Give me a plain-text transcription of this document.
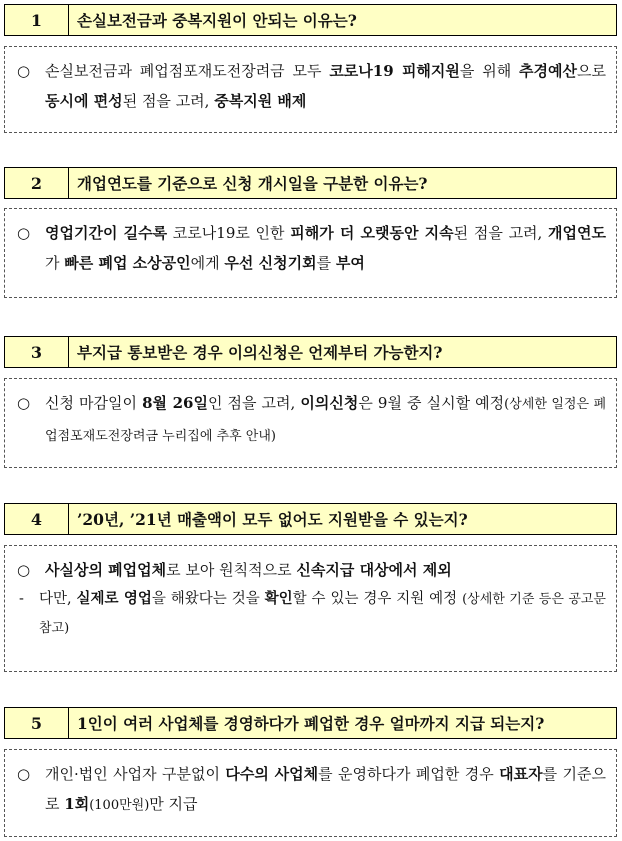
1	손실보전금과 중복지원이 안되는 이유는?
○ 손실보전금과 폐업점포재도전장려금 모두 코로나19 피해지원을 위해 추경예산으로 동시에 편성된 점을 고려, 중복지원 배제
2	개업연도를 기준으로 신청 개시일을 구분한 이유는?
○ 영업기간이 길수록 코로나19로 인한 피해가 더 오랫동안 지속된 점을 고려, 개업연도가 빠른 폐업 소상공인에게 우선 신청기회를 부여
3	부지급 통보받은 경우 이의신청은 언제부터 가능한지?
○ 신청 마감일이 8월 26일인 점을 고려, 이의신청은 9월 중 실시할 예정(상세한 일정은 폐업점포재도전장려금 누리집에 추후 안내)
4	’20년, ’21년 매출액이 모두 없어도 지원받을 수 있는지?
○ 사실상의 폐업업체로 보아 원칙적으로 신속지급 대상에서 제외
-	다만, 실제로 영업을 해왔다는 것을 확인할 수 있는 경우 지원 예정 (상세한 기준 등은 공고문 참고)
5	1인이 여러 사업체를 경영하다가 폐업한 경우 얼마까지 지급 되는지?
○ 개인·법인 사업자 구분없이 다수의 사업체를 운영하다가 폐업한 경우 대표자를 기준으로 1회(100만원)만 지급
